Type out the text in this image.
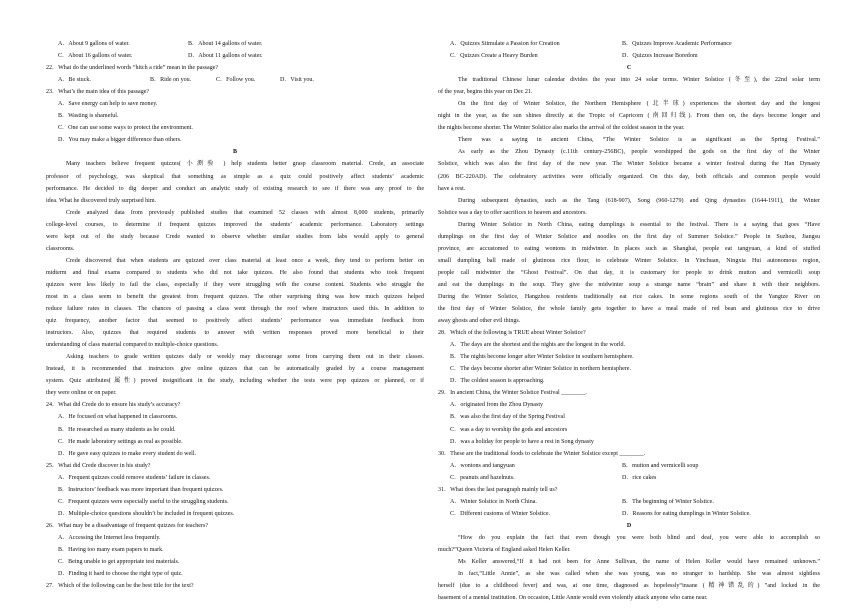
A．About 9 gallons of water.	B．About 14 gallons of water.
C．About 16 gallons of water.	D．About 11 gallons of water.
22．What do the underlined words “hitch a ride” mean in the passage?
A．Be stuck.	B．Ride on you.	C．Follow you.	D．Visit you.
23．What’s the main idea of this passage?
A．Save energy can help to save money.
B．Wasting is shameful.
C．One can use some ways to protect the environment.
D．You may make a bigger difference than others.
B
Many teachers believe frequent quizzes( 小测验 ) help students better grasp classroom material. Crede, an associate
professor of psychology, was skeptical that something as simple as a quiz could positively affect students’ academic
performance. He decided to dig deeper and conduct an analytic study of existing research to see if there was any proof to the
idea. What he discovered truly surprised him.
Crede analyzed data from previously published studies that examined 52 classes with almost 8,000 students, primarily
college-level courses, to determine if frequent quizzes improved the students’ academic performance. Laboratory settings
were kept out of the study because Crede wanted to observe whether similar studies from labs would apply to general
classrooms.
Crede discovered that when students are quizzed over class material at least once a week, they tend to perform better on
midterm and final exams compared to students who did not take quizzes. He also found that students who took frequent
quizzes were less likely to fail the class, especially if they were struggling with the course content. Students who struggle the
most in a class seem to benefit the greatest from frequent quizzes. The other surprising thing was how much quizzes helped
reduce failure rates in classes. The chances of passing a class went through the roof where instructors used this. In addition to
quiz frequency, another factor that seemed to positively affect students’ performance was immediate feedback from
instructors. Also, quizzes that required students to answer with written responses proved more beneficial to their
understanding of class material compared to multiple-choice questions.
Asking teachers to grade written quizzes daily or weekly may discourage some from carrying them out in their classes.
Instead, it is recommended that instructors give online quizzes that can be automatically graded by a course management
system. Quiz attributes(属性) proved insignificant in the study, including whether the tests were pop quizzes or planned, or if
they were online or on paper.
24．What did Crede do to ensure his study’s accuracy?
A．He focused on what happened in classrooms.
B．He researched as many students as he could.
C．He made laboratory settings as real as possible.
D．He gave easy quizzes to make every student do well.
25．What did Crede discover in his study?
A．Frequent quizzes could remove students’ failure in classes.
B．Instructors’ feedback was more important than frequent quizzes.
C．Frequent quizzes were especially useful to the struggling students.
D．Multiple-choice questions shouldn’t be included in frequent quizzes.
26．What may be a disadvantage of frequent quizzes for teachers?
A．Accessing the Internet less frequently.
B．Having too many exam papers to mark.
C．Being unable to get appropriate test materials.
D．Finding it hard to choose the right type of quiz.
27．Which of the following can be the best title for the text?
A．Quizzes Stimulate a Passion for Creation	B．Quizzes Improve Academic Performance
C．Quizzes Create a Heavy Burden	D．Quizzes Increase Boredom
C
The traditional Chinese lunar calendar divides the year into 24 solar terms. Winter Solstice (冬至), the 22nd solar term
of the year, begins this year on Dec 21.
On the first day of Winter Solstice, the Northern Hemisphere (北半球) experiences the shortest day and the longest
night in the year, as the sun shines directly at the Tropic of Capricorn (南回归线). From then on, the days become longer and
the nights become shorter. The Winter Solstice also marks the arrival of the coldest season in the year.
There was a saying in ancient China, “The Winter Solstice is as significant as the Spring Festival.”
As early as the Zhou Dynasty (c.11th century-256BC), people worshipped the gods on the first day of the Winter
Solstice, which was also the first day of the new year. The Winter Solstice became a winter festival during the Han Dynasty
(206 BC-220AD). The celebratory activities were officially organized. On this day, both officials and common people would
have a rest.
During subsequent dynasties, such as the Tang (618-907), Song (960-1279) and Qing dynasties (1644-1911), the Winter
Solstice was a day to offer sacrifices to heaven and ancestors.
During Winter Solstice in North China, eating dumplings is essential to the festival. There is a saying that goes “Have
dumplings on the first day of Winter Solstice and noodles on the first day of Summer Solstice.” People in Suzhou, Jiangsu
province, are accustomed to eating wontons in midwinter. In places such as Shanghai, people eat tangyuan, a kind of stuffed
small dumpling ball made of glutinous rice flour, to celebrate Winter Solstice. In Yinchuan, Ningxia Hui autonomous region,
people call midwinter the “Ghost Festival”. On that day, it is customary for people to drink mutton and vermicelli soup
and eat the dumplings in the soup. They give the midwinter soup a strange name “brain” and share it with their neighbors.
During the Winter Solstice, Hangzhou residents traditionally eat rice cakes. In some regions south of the Yangtze River on
the first day of Winter Solstice, the whole family gets together to have a meal made of red bean and glutinous rice to drive
away ghosts and other evil things.
28．Which of the following is TRUE about Winter Solstice?
A．The days are the shortest and the nights are the longest in the world.
B．The nights become longer after Winter Solstice in southern hemisphere.
C．The days become shorter after Winter Solstice in northern hemisphere.
D．The coldest season is approaching.
29．In ancient China, the Winter Solstice Festival ________.
A．originated from the Zhou Dynasty
B．was also the first day of the Spring Festival
C．was a day to worship the gods and ancestors
D．was a holiday for people to have a rest in Song dynasty
30．These are the traditional foods to celebrate the Winter Solstice except ________.
A．wontons and tangyuan	B．mutton and vermicelli soup
C．peanuts and hazelnuts.	D．rice cakes
31．What does the last paragraph mainly tell us?
A．Winter Solstice in North China.	B．The beginning of Winter Solstice.
C．Different customs of Winter Solstice.	D．Reasons for eating dumplings in Winter Solstice.
D
“How do you explain the fact that even though you were both blind and deaf, you were able to accomplish so
much?”Queen Victoria of England asked Helen Keller.
Ms Keller answered,“If it had not been for Anne Sullivan, the name of Helen Keller would have remained unknown.”
In fact,“Little Annie”, as she was called when she was young, was no stranger to hardship. She was almost sightless
herself (due to a childhood fever) and was, at one time, diagnosed as hopelessly“insane (精神错乱的) ”and locked in the
basement of a mental institution. On occasion, Little Annie would even violently attack anyone who came near.
